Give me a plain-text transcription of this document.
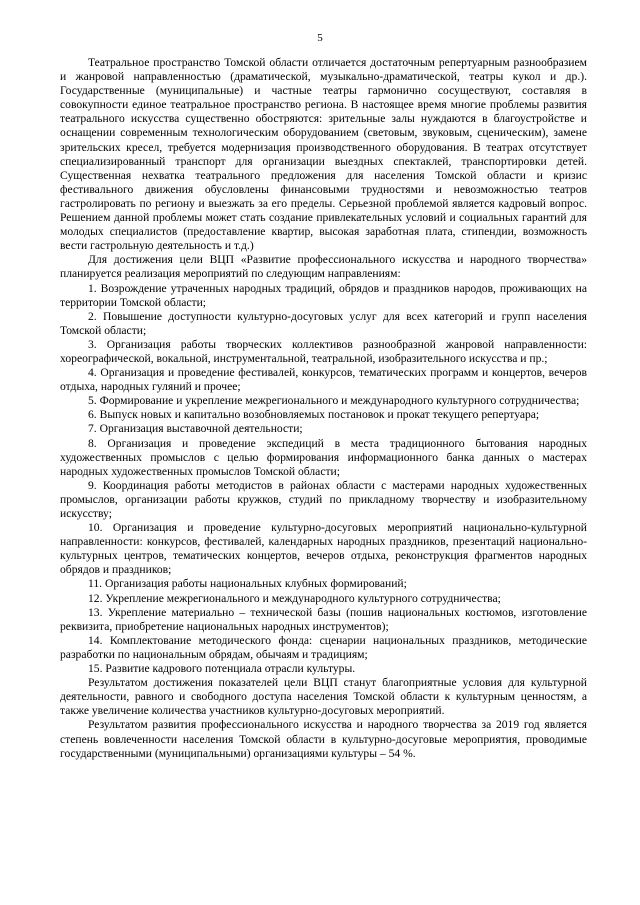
5

Театральное пространство Томской области отличается достаточным репертуарным разнообразием и жанровой направленностью (драматической, музыкально-драматической, театры кукол и др.). Государственные (муниципальные) и частные театры гармонично сосуществуют, составляя в совокупности единое театральное пространство региона. В настоящее время многие проблемы развития театрального искусства существенно обостряются: зрительные залы нуждаются в благоустройстве и оснащении современным технологическим оборудованием (световым, звуковым, сценическим), замене зрительских кресел, требуется модернизация производственного оборудования. В театрах отсутствует специализированный транспорт для организации выездных спектаклей, транспортировки детей. Существенная нехватка театрального предложения для населения Томской области и кризис фестивального движения обусловлены финансовыми трудностями и невозможностью театров гастролировать по региону и выезжать за его пределы. Серьезной проблемой является кадровый вопрос. Решением данной проблемы может стать создание привлекательных условий и социальных гарантий для молодых специалистов (предоставление квартир, высокая заработная плата, стипендии, возможность вести гастрольную деятельность и т.д.)

Для достижения цели ВЦП «Развитие профессионального искусства и народного творчества» планируется реализация мероприятий по следующим направлениям:

1. Возрождение утраченных народных традиций, обрядов и праздников народов, проживающих на территории Томской области;

2. Повышение доступности культурно-досуговых услуг для всех категорий и групп населения Томской области;

3. Организация работы творческих коллективов разнообразной жанровой направленности: хореографической, вокальной, инструментальной, театральной, изобразительного искусства и пр.;

4. Организация и проведение фестивалей, конкурсов, тематических программ и концертов, вечеров отдыха, народных гуляний и прочее;

5. Формирование и укрепление межрегионального и международного культурного сотрудничества;

6. Выпуск новых и капитально возобновляемых постановок и прокат текущего репертуара;

7. Организация выставочной деятельности;

8. Организация и проведение экспедиций в места традиционного бытования народных художественных промыслов с целью формирования информационного банка данных о мастерах народных художественных промыслов Томской области;

9. Координация работы методистов в районах области с мастерами народных художественных промыслов, организации работы кружков, студий по прикладному творчеству и изобразительному искусству;

10. Организация и проведение культурно-досуговых мероприятий национально-культурной направленности: конкурсов, фестивалей, календарных народных праздников, презентаций национально-культурных центров, тематических концертов, вечеров отдыха, реконструкция фрагментов народных обрядов и праздников;

11. Организация работы национальных клубных формирований;

12. Укрепление межрегионального и международного культурного сотрудничества;

13. Укрепление материально – технической базы (пошив национальных костюмов, изготовление реквизита, приобретение национальных народных инструментов);

14. Комплектование методического фонда: сценарии национальных праздников, методические разработки по национальным обрядам, обычаям и традициям;

15. Развитие кадрового потенциала отрасли культуры.

Результатом достижения показателей цели ВЦП станут благоприятные условия для культурной деятельности, равного и свободного доступа населения Томской области к культурным ценностям, а также увеличение количества участников культурно-досуговых мероприятий.

Результатом развития профессионального искусства и народного творчества за 2019 год является степень вовлеченности населения Томской области в культурно-досуговые мероприятия, проводимые государственными (муниципальными) организациями культуры – 54 %.
